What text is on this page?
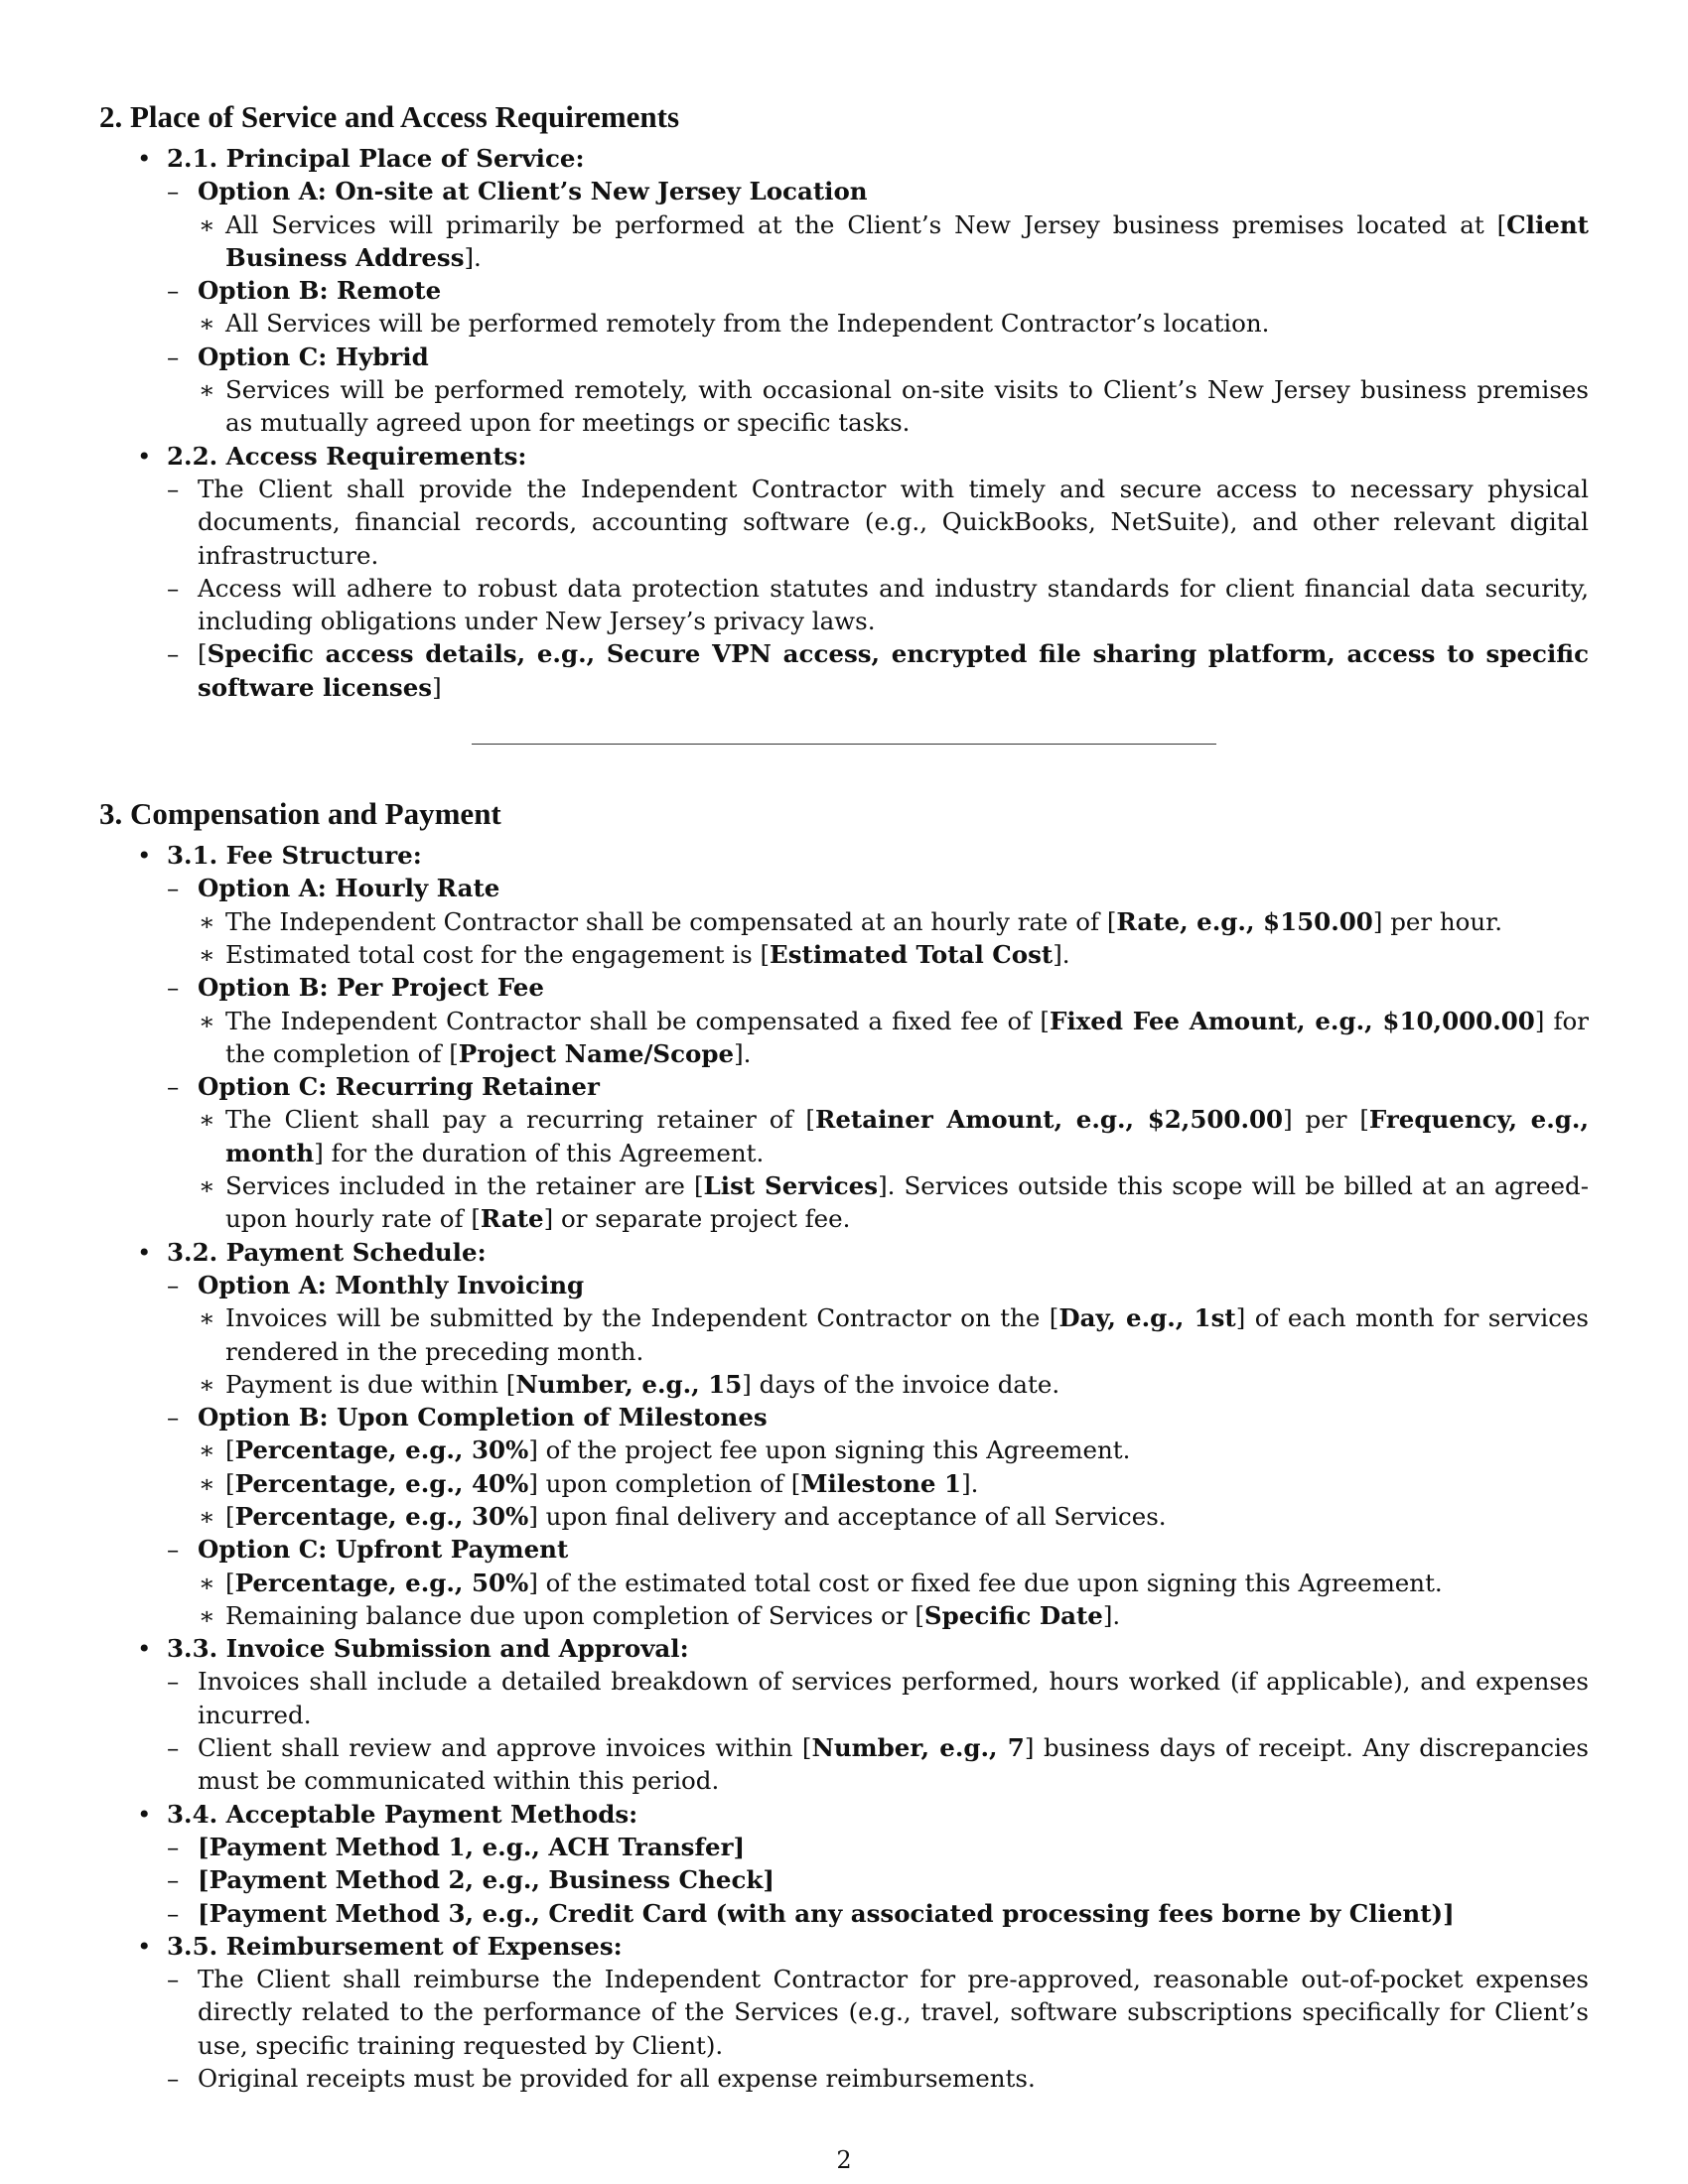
2. Place of Service and Access Requirements
• 2.1. Principal Place of Service:
– Option A: On-site at Client’s New Jersey Location
∗ All Services will primarily be performed at the Client’s New Jersey business premises located at [Client Business Address].
– Option B: Remote
∗ All Services will be performed remotely from the Independent Contractor’s location.
– Option C: Hybrid
∗ Services will be performed remotely, with occasional on-site visits to Client’s New Jersey business premises as mutually agreed upon for meetings or specific tasks.
• 2.2. Access Requirements:
– The Client shall provide the Independent Contractor with timely and secure access to necessary physical documents, financial records, accounting software (e.g., QuickBooks, NetSuite), and other relevant digital infrastructure.
– Access will adhere to robust data protection statutes and industry standards for client financial data security, including obligations under New Jersey’s privacy laws.
– [Specific access details, e.g., Secure VPN access, encrypted file sharing platform, access to specific software licenses]
3. Compensation and Payment
• 3.1. Fee Structure:
– Option A: Hourly Rate
∗ The Independent Contractor shall be compensated at an hourly rate of [Rate, e.g., $150.00] per hour.
∗ Estimated total cost for the engagement is [Estimated Total Cost].
– Option B: Per Project Fee
∗ The Independent Contractor shall be compensated a fixed fee of [Fixed Fee Amount, e.g., $10,000.00] for the completion of [Project Name/Scope].
– Option C: Recurring Retainer
∗ The Client shall pay a recurring retainer of [Retainer Amount, e.g., $2,500.00] per [Frequency, e.g., month] for the duration of this Agreement.
∗ Services included in the retainer are [List Services]. Services outside this scope will be billed at an agreed-upon hourly rate of [Rate] or separate project fee.
• 3.2. Payment Schedule:
– Option A: Monthly Invoicing
∗ Invoices will be submitted by the Independent Contractor on the [Day, e.g., 1st] of each month for services rendered in the preceding month.
∗ Payment is due within [Number, e.g., 15] days of the invoice date.
– Option B: Upon Completion of Milestones
∗ [Percentage, e.g., 30%] of the project fee upon signing this Agreement.
∗ [Percentage, e.g., 40%] upon completion of [Milestone 1].
∗ [Percentage, e.g., 30%] upon final delivery and acceptance of all Services.
– Option C: Upfront Payment
∗ [Percentage, e.g., 50%] of the estimated total cost or fixed fee due upon signing this Agreement.
∗ Remaining balance due upon completion of Services or [Specific Date].
• 3.3. Invoice Submission and Approval:
– Invoices shall include a detailed breakdown of services performed, hours worked (if applicable), and expenses incurred.
– Client shall review and approve invoices within [Number, e.g., 7] business days of receipt. Any discrepancies must be communicated within this period.
• 3.4. Acceptable Payment Methods:
– [Payment Method 1, e.g., ACH Transfer]
– [Payment Method 2, e.g., Business Check]
– [Payment Method 3, e.g., Credit Card (with any associated processing fees borne by Client)]
• 3.5. Reimbursement of Expenses:
– The Client shall reimburse the Independent Contractor for pre-approved, reasonable out-of-pocket expenses directly related to the performance of the Services (e.g., travel, software subscriptions specifically for Client’s use, specific training requested by Client).
– Original receipts must be provided for all expense reimbursements.
2
